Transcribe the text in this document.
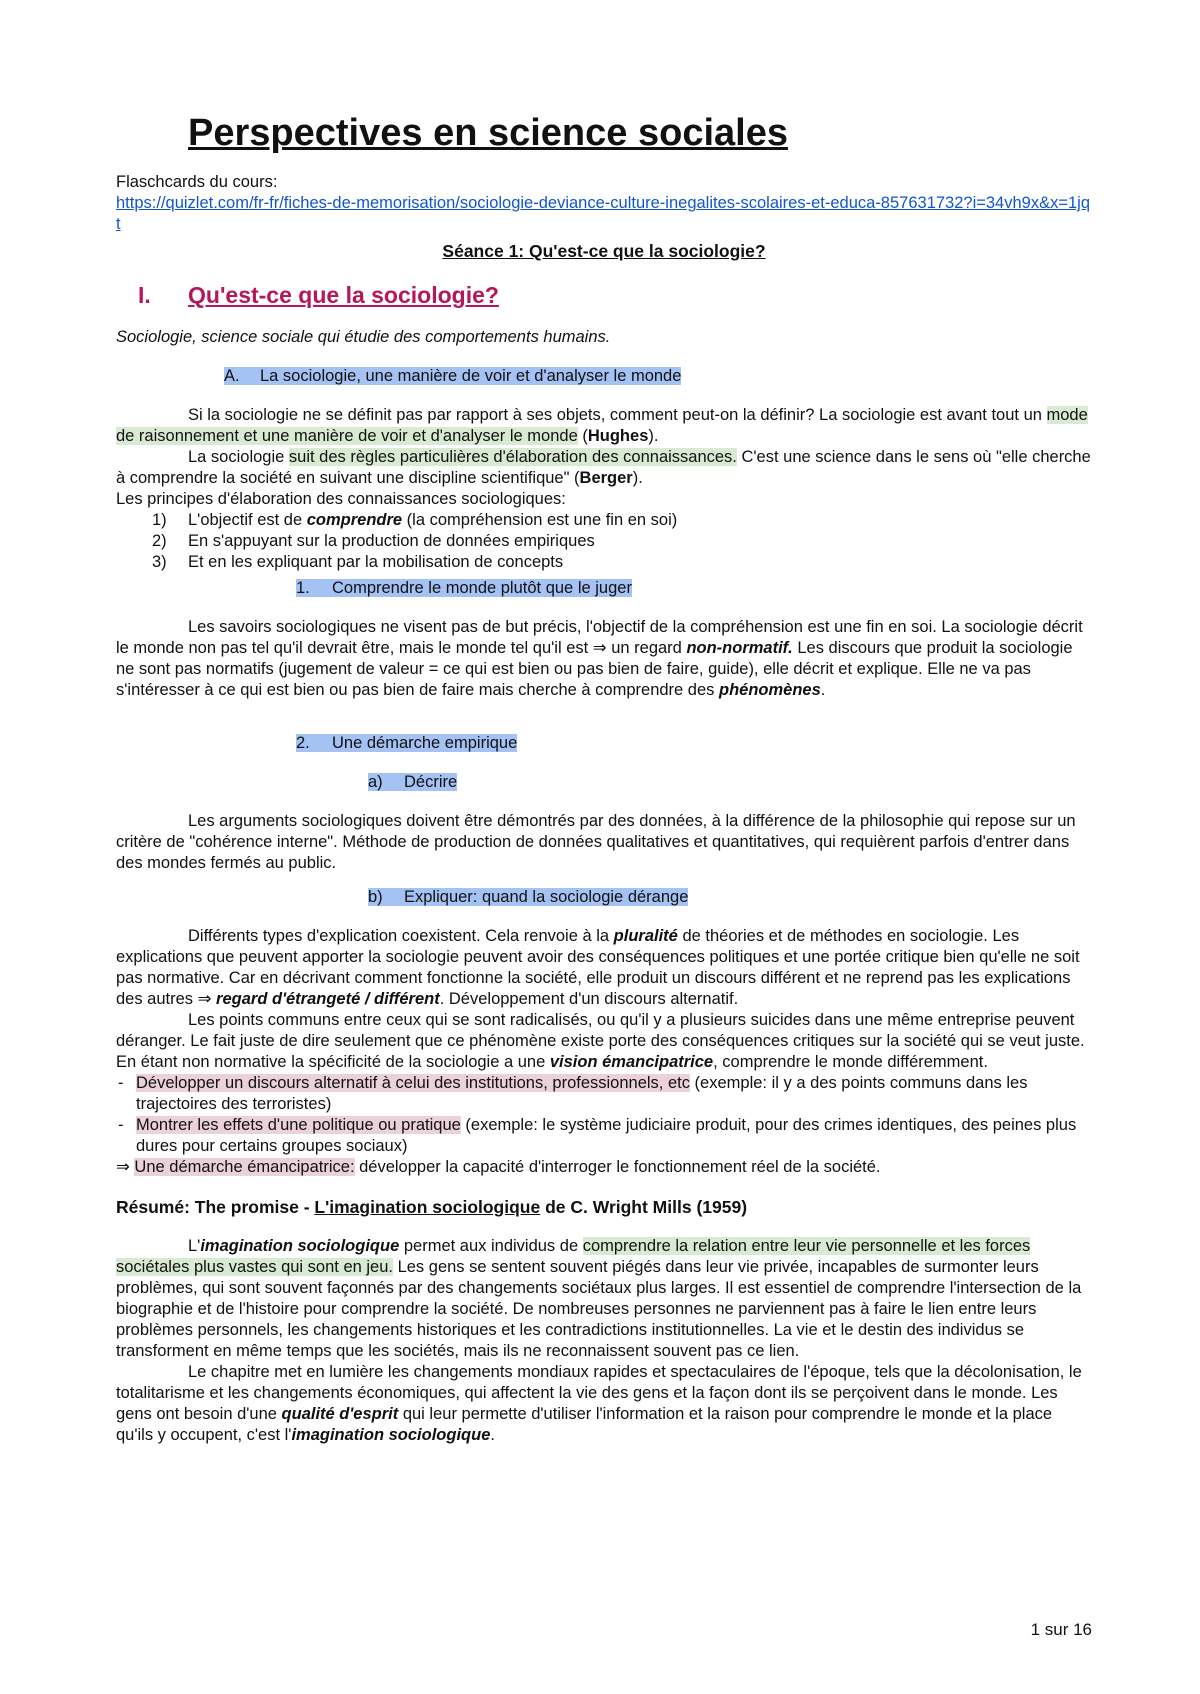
Perspectives en science sociales

Flaschcards du cours:

https://quizlet.com/fr-fr/fiches-de-memorisation/sociologie-deviance-culture-inegalites-scolaires-et-educa-857631732?i=34vh9x&x=1jqt

Séance 1: Qu'est-ce que la sociologie?
I. Qu'est-ce que la sociologie?
Sociologie, science sociale qui étudie des comportements humains.
A. La sociologie, une manière de voir et d'analyser le monde

Si la sociologie ne se définit pas par rapport à ses objets, comment peut-on la définir? La sociologie est avant tout un mode de raisonnement et une manière de voir et d'analyser le monde (Hughes).

La sociologie suit des règles particulières d'élaboration des connaissances. C'est une science dans le sens où "elle cherche à comprendre la société en suivant une discipline scientifique" (Berger).

Les principes d'élaboration des connaissances sociologiques:

1) L'objectif est de comprendre (la compréhension est une fin en soi)
2) En s'appuyant sur la production de données empiriques
3) Et en les expliquant par la mobilisation de concepts
1. Comprendre le monde plutôt que le juger

Les savoirs sociologiques ne visent pas de but précis, l'objectif de la compréhension est une fin en soi. La sociologie décrit le monde non pas tel qu'il devrait être, mais le monde tel qu'il est ⇒ un regard non-normatif. Les discours que produit la sociologie ne sont pas normatifs (jugement de valeur = ce qui est bien ou pas bien de faire, guide), elle décrit et explique. Elle ne va pas s'intéresser à ce qui est bien ou pas bien de faire mais cherche à comprendre des phénomènes.

2. Une démarche empirique
a) Décrire

Les arguments sociologiques doivent être démontrés par des données, à la différence de la philosophie qui repose sur un critère de "cohérence interne". Méthode de production de données qualitatives et quantitatives, qui requièrent parfois d'entrer dans des mondes fermés au public.

b) Expliquer: quand la sociologie dérange

Différents types d'explication coexistent. Cela renvoie à la pluralité de théories et de méthodes en sociologie. Les explications que peuvent apporter la sociologie peuvent avoir des conséquences politiques et une portée critique bien qu'elle ne soit pas normative. Car en décrivant comment fonctionne la société, elle produit un discours différent et ne reprend pas les explications des autres ⇒ regard d'étrangeté / différent. Développement d'un discours alternatif.

Les points communs entre ceux qui se sont radicalisés, ou qu'il y a plusieurs suicides dans une même entreprise peuvent déranger. Le fait juste de dire seulement que ce phénomène existe porte des conséquences critiques sur la société qui se veut juste. En étant non normative la spécificité de la sociologie a une vision émancipatrice, comprendre le monde différemment.

- Développer un discours alternatif à celui des institutions, professionnels, etc (exemple: il y a des points communs dans les trajectoires des terroristes)
- Montrer les effets d'une politique ou pratique (exemple: le système judiciaire produit, pour des crimes identiques, des peines plus dures pour certains groupes sociaux)

⇒ Une démarche émancipatrice: développer la capacité d'interroger le fonctionnement réel de la société.

Résumé: The promise - L'imagination sociologique de C. Wright Mills (1959)

L'imagination sociologique permet aux individus de comprendre la relation entre leur vie personnelle et les forces sociétales plus vastes qui sont en jeu. Les gens se sentent souvent piégés dans leur vie privée, incapables de surmonter leurs problèmes, qui sont souvent façonnés par des changements sociétaux plus larges. Il est essentiel de comprendre l'intersection de la biographie et de l'histoire pour comprendre la société. De nombreuses personnes ne parviennent pas à faire le lien entre leurs problèmes personnels, les changements historiques et les contradictions institutionnelles. La vie et le destin des individus se transforment en même temps que les sociétés, mais ils ne reconnaissent souvent pas ce lien.

Le chapitre met en lumière les changements mondiaux rapides et spectaculaires de l'époque, tels que la décolonisation, le totalitarisme et les changements économiques, qui affectent la vie des gens et la façon dont ils se perçoivent dans le monde. Les gens ont besoin d'une qualité d'esprit qui leur permette d'utiliser l'information et la raison pour comprendre le monde et la place qu'ils y occupent, c'est l'imagination sociologique.

1 sur 16
